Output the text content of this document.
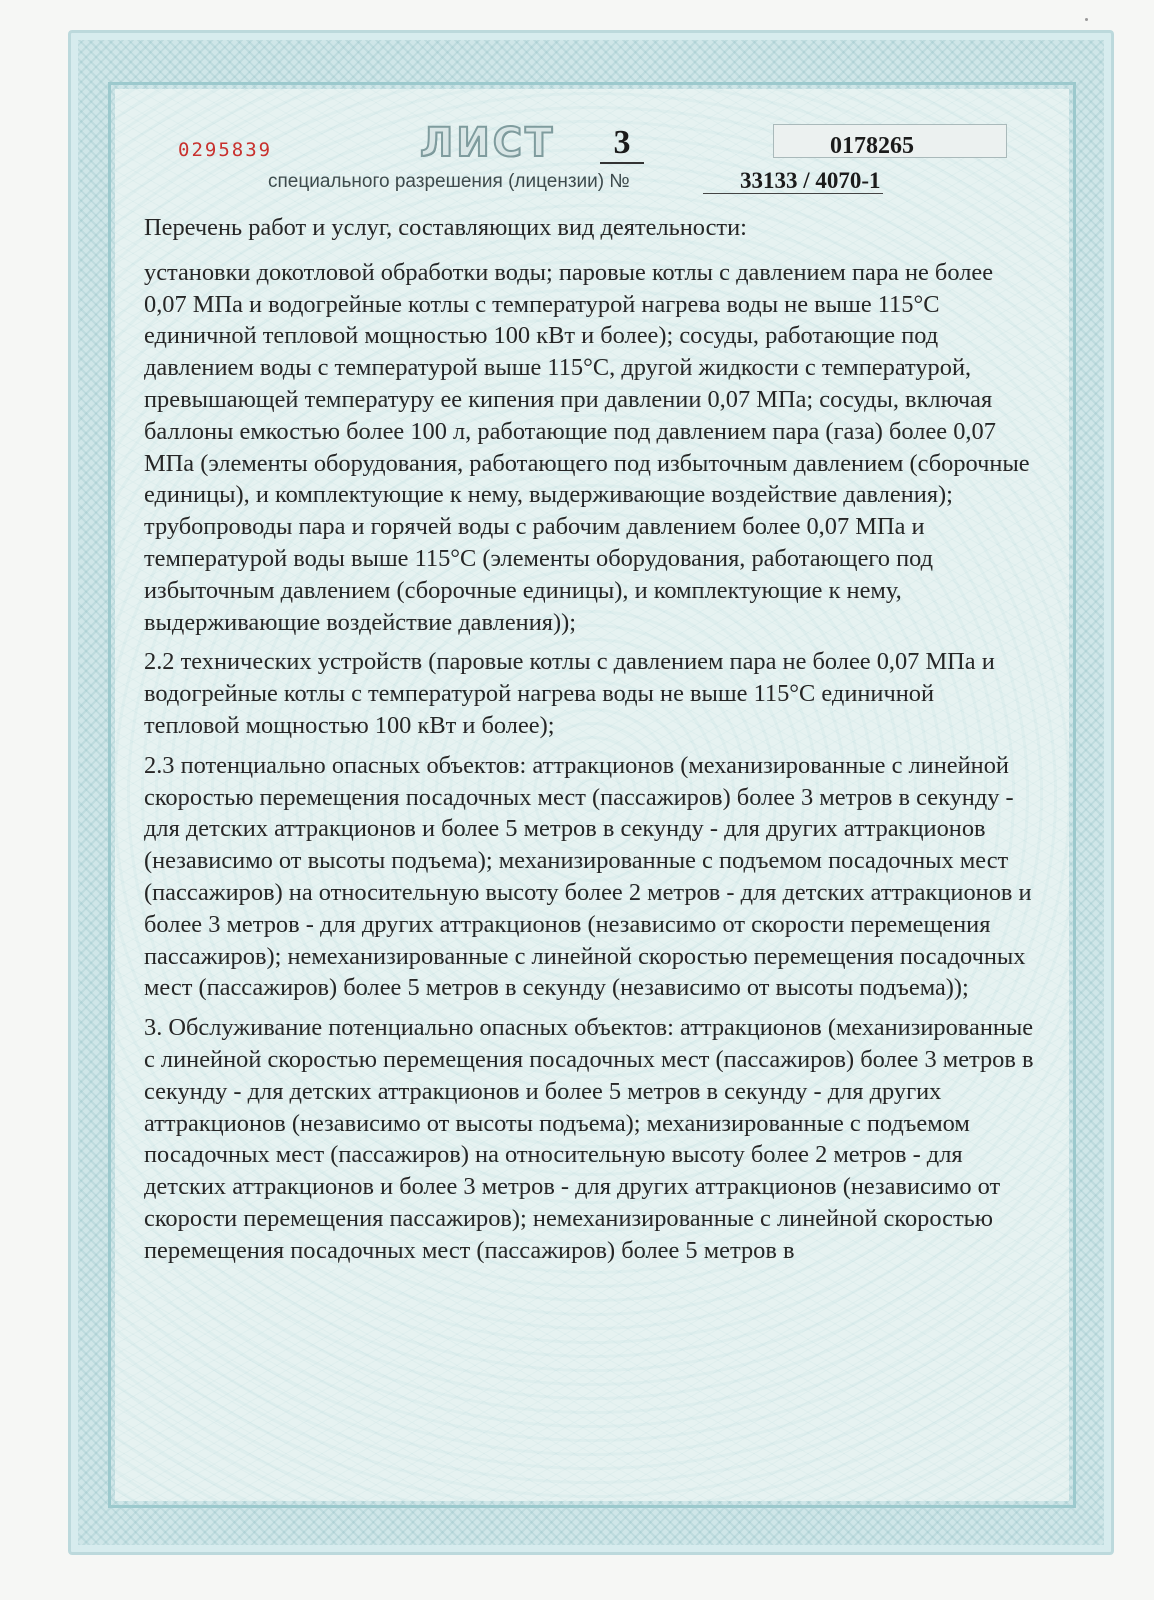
0295839	ЛИСТ	3	0178265
специального разрешения (лицензии) №	33133 / 4070-1

Перечень работ и услуг, составляющих вид деятельности:

установки докотловой обработки воды; паровые котлы с давлением пара не более 0,07 МПа и водогрейные котлы с температурой нагрева воды не выше 115°С единичной тепловой мощностью 100 кВт и более); сосуды, работающие под давлением воды с температурой выше 115°С, другой жидкости с температурой, превышающей температуру ее кипения при давлении 0,07 МПа; сосуды, включая баллоны емкостью более 100 л, работающие под давлением пара (газа) более 0,07 МПа (элементы оборудования, работающего под избыточным давлением (сборочные единицы), и комплектующие к нему, выдерживающие воздействие давления); трубопроводы пара и горячей воды с рабочим давлением более 0,07 МПа и температурой воды выше 115°С (элементы оборудования, работающего под избыточным давлением (сборочные единицы), и комплектующие к нему, выдерживающие воздействие давления));

2.2 технических устройств (паровые котлы с давлением пара не более 0,07 МПа и водогрейные котлы с температурой нагрева воды не выше 115°С единичной тепловой мощностью 100 кВт и более);

2.3 потенциально опасных объектов: аттракционов (механизированные с линейной скоростью перемещения посадочных мест (пассажиров) более 3 метров в секунду - для детских аттракционов и более 5 метров в секунду - для других аттракционов (независимо от высоты подъема); механизированные с подъемом посадочных мест (пассажиров) на относительную высоту более 2 метров - для детских аттракционов и более 3 метров - для других аттракционов (независимо от скорости перемещения пассажиров); немеханизированные с линейной скоростью перемещения посадочных мест (пассажиров) более 5 метров в секунду (независимо от высоты подъема));

3. Обслуживание потенциально опасных объектов: аттракционов (механизированные с линейной скоростью перемещения посадочных мест (пассажиров) более 3 метров в секунду - для детских аттракционов и более 5 метров в секунду - для других аттракционов (независимо от высоты подъема); механизированные с подъемом посадочных мест (пассажиров) на относительную высоту более 2 метров - для детских аттракционов и более 3 метров - для других аттракционов (независимо от скорости перемещения пассажиров); немеханизированные с линейной скоростью перемещения посадочных мест (пассажиров) более 5 метров в
